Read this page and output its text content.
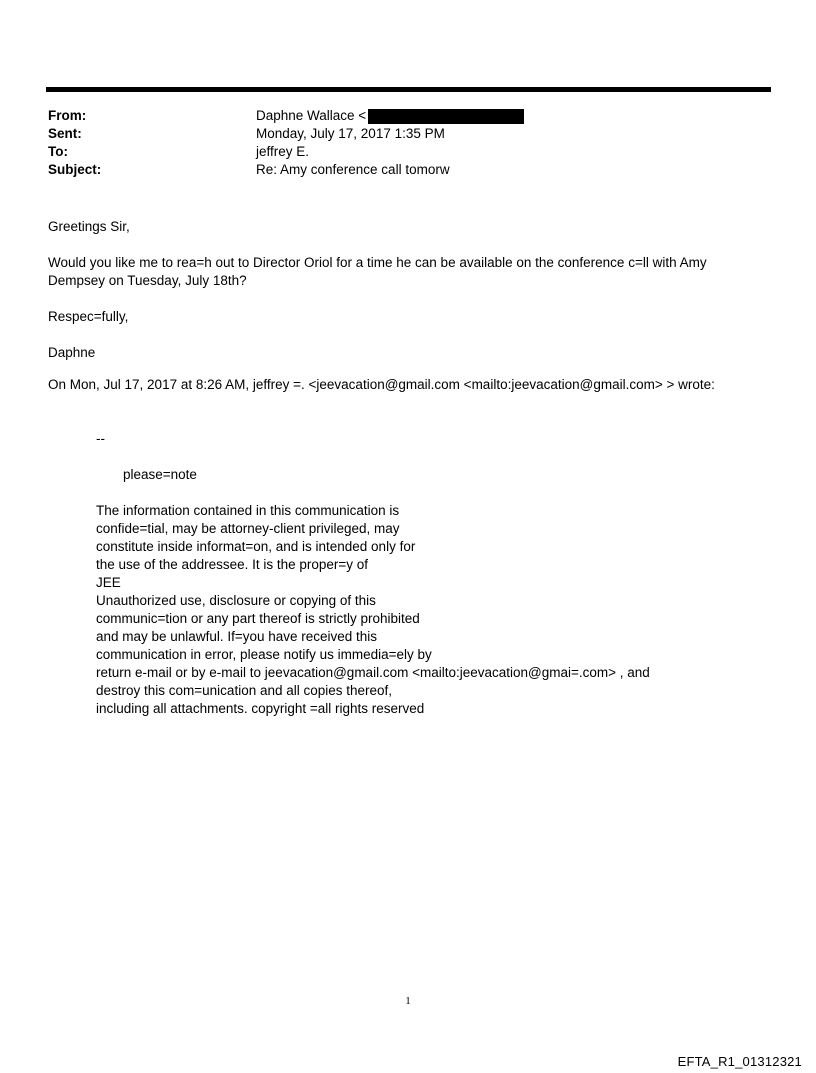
From:	Daphne Wallace <
Sent:	Monday, July 17, 2017 1:35 PM
To:	jeffrey E.
Subject:	Re: Amy conference call tomorw

Greetings Sir,

Would you like me to rea=h out to Director Oriol for a time he can be available on the conference c=ll with Amy
Dempsey on Tuesday, July 18th?

Respec=fully,

Daphne

On Mon, Jul 17, 2017 at 8:26 AM, jeffrey =. <jeevacation@gmail.com <mailto:jeevacation@gmail.com> > wrote:
--
please=note
The information contained in this communication is
confide=tial, may be attorney-client privileged, may
constitute inside informat=on, and is intended only for
the use of the addressee. It is the proper=y of
JEE
Unauthorized use, disclosure or copying of this
communic=tion or any part thereof is strictly prohibited
and may be unlawful. If=you have received this
communication in error, please notify us immedia=ely by
return e-mail or by e-mail to jeevacation@gmail.com <mailto:jeevacation@gmai=.com> , and
destroy this com=unication and all copies thereof,
including all attachments. copyright =all rights reserved
1
EFTA_R1_01312321
